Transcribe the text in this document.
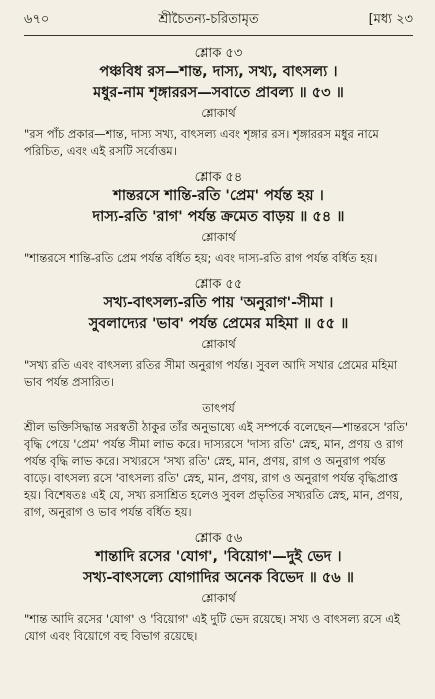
৬৭০	শ্রীচৈতন্য-চরিতামৃত	[মধ্য ২৩
শ্লোক ৫৩
পঞ্চবিধ রস—শান্ত, দাস্য, সখ্য, বাৎসল্য ।
মধুর-নাম শৃঙ্গাররস—সবাতে প্রাবল্য ॥ ৫৩ ॥
শ্লোকার্থ
"রস পাঁচ প্রকার—শান্ত, দাস্য সখ্য, বাৎসল্য এবং শৃঙ্গার রস। শৃঙ্গাররস মধুর নামে পরিচিত, এবং এই রসটি সর্বোত্তম।
শ্লোক ৫৪
শান্তরসে শান্তি-রতি 'প্রেম' পর্যন্ত হয় ।
দাস্য-রতি 'রাগ' পর্যন্ত ক্রমেত বাড়য় ॥ ৫৪ ॥
শ্লোকার্থ
"শান্তরসে শান্তি-রতি প্রেম পর্যন্ত বর্ধিত হয়; এবং দাস্য-রতি রাগ পর্যন্ত বর্ধিত হয়।
শ্লোক ৫৫
সখ্য-বাৎসল্য-রতি পায় 'অনুরাগ'-সীমা ।
সুবলাদ্যের 'ভাব' পর্যন্ত প্রেমের মহিমা ॥ ৫৫ ॥
শ্লোকার্থ
"সখ্য রতি এবং বাৎসল্য রতির সীমা অনুরাগ পর্যন্ত। সুবল আদি সখার প্রেমের মহিমা ভাব পর্যন্ত প্রসারিত।
তাৎপর্য
শ্রীল ভক্তিসিদ্ধান্ত সরস্বতী ঠাকুর তাঁর অনুভাষ্যে এই সম্পর্কে বলেছেন—শান্তরসে 'রতি' বৃদ্ধি পেয়ে 'প্রেম' পর্যন্ত সীমা লাভ করে। দাস্যরসে 'দাস্য রতি' স্নেহ, মান, প্রণয় ও রাগ পর্যন্ত বৃদ্ধি লাভ করে। সখ্যরসে 'সখ্য রতি' স্নেহ, মান, প্রণয়, রাগ ও অনুরাগ পর্যন্ত বাড়ে। বাৎসল্য রসে 'বাৎসল্য রতি' স্নেহ, মান, প্রণয়, রাগ ও অনুরাগ পর্যন্ত বৃদ্ধিপ্রাপ্ত হয়। বিশেষতঃ এই যে, সখ্য রসাশ্রিত হলেও সুবল প্রভৃতির সখ্যরতি স্নেহ, মান, প্রণয়, রাগ, অনুরাগ ও ভাব পর্যন্ত বর্ধিত হয়।
শ্লোক ৫৬
শান্তাদি রসের 'যোগ', 'বিয়োগ'—দুই ভেদ ।
সখ্য-বাৎসল্যে যোগাদির অনেক বিভেদ ॥ ৫৬ ॥
শ্লোকার্থ
"শান্ত আদি রসের 'যোগ' ও 'বিয়োগ' এই দুটি ভেদ রয়েছে। সখ্য ও বাৎসল্য রসে এই যোগ এবং বিয়োগে বহু বিভাগ রয়েছে।
